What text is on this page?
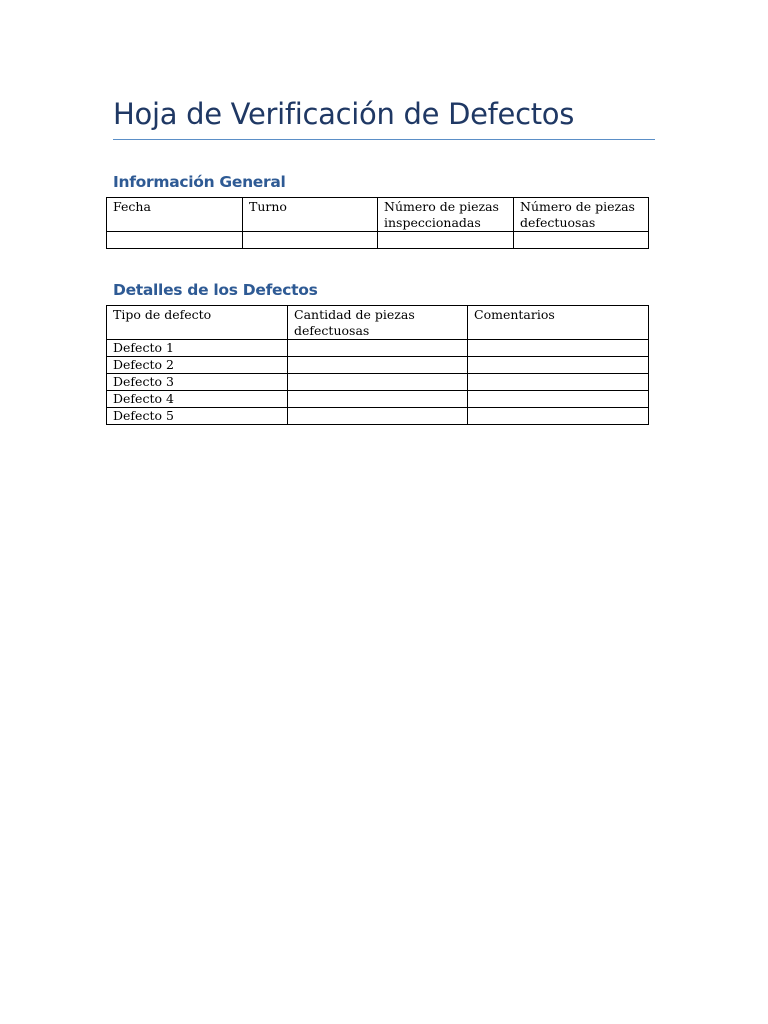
Hoja de Verificación de Defectos
Información General
Fecha	Turno	Número de piezas inspeccionadas	Número de piezas defectuosas

Detalles de los Defectos
Tipo de defecto	Cantidad de piezas defectuosas	Comentarios
Defecto 1		
Defecto 2		
Defecto 3		
Defecto 4		
Defecto 5		
